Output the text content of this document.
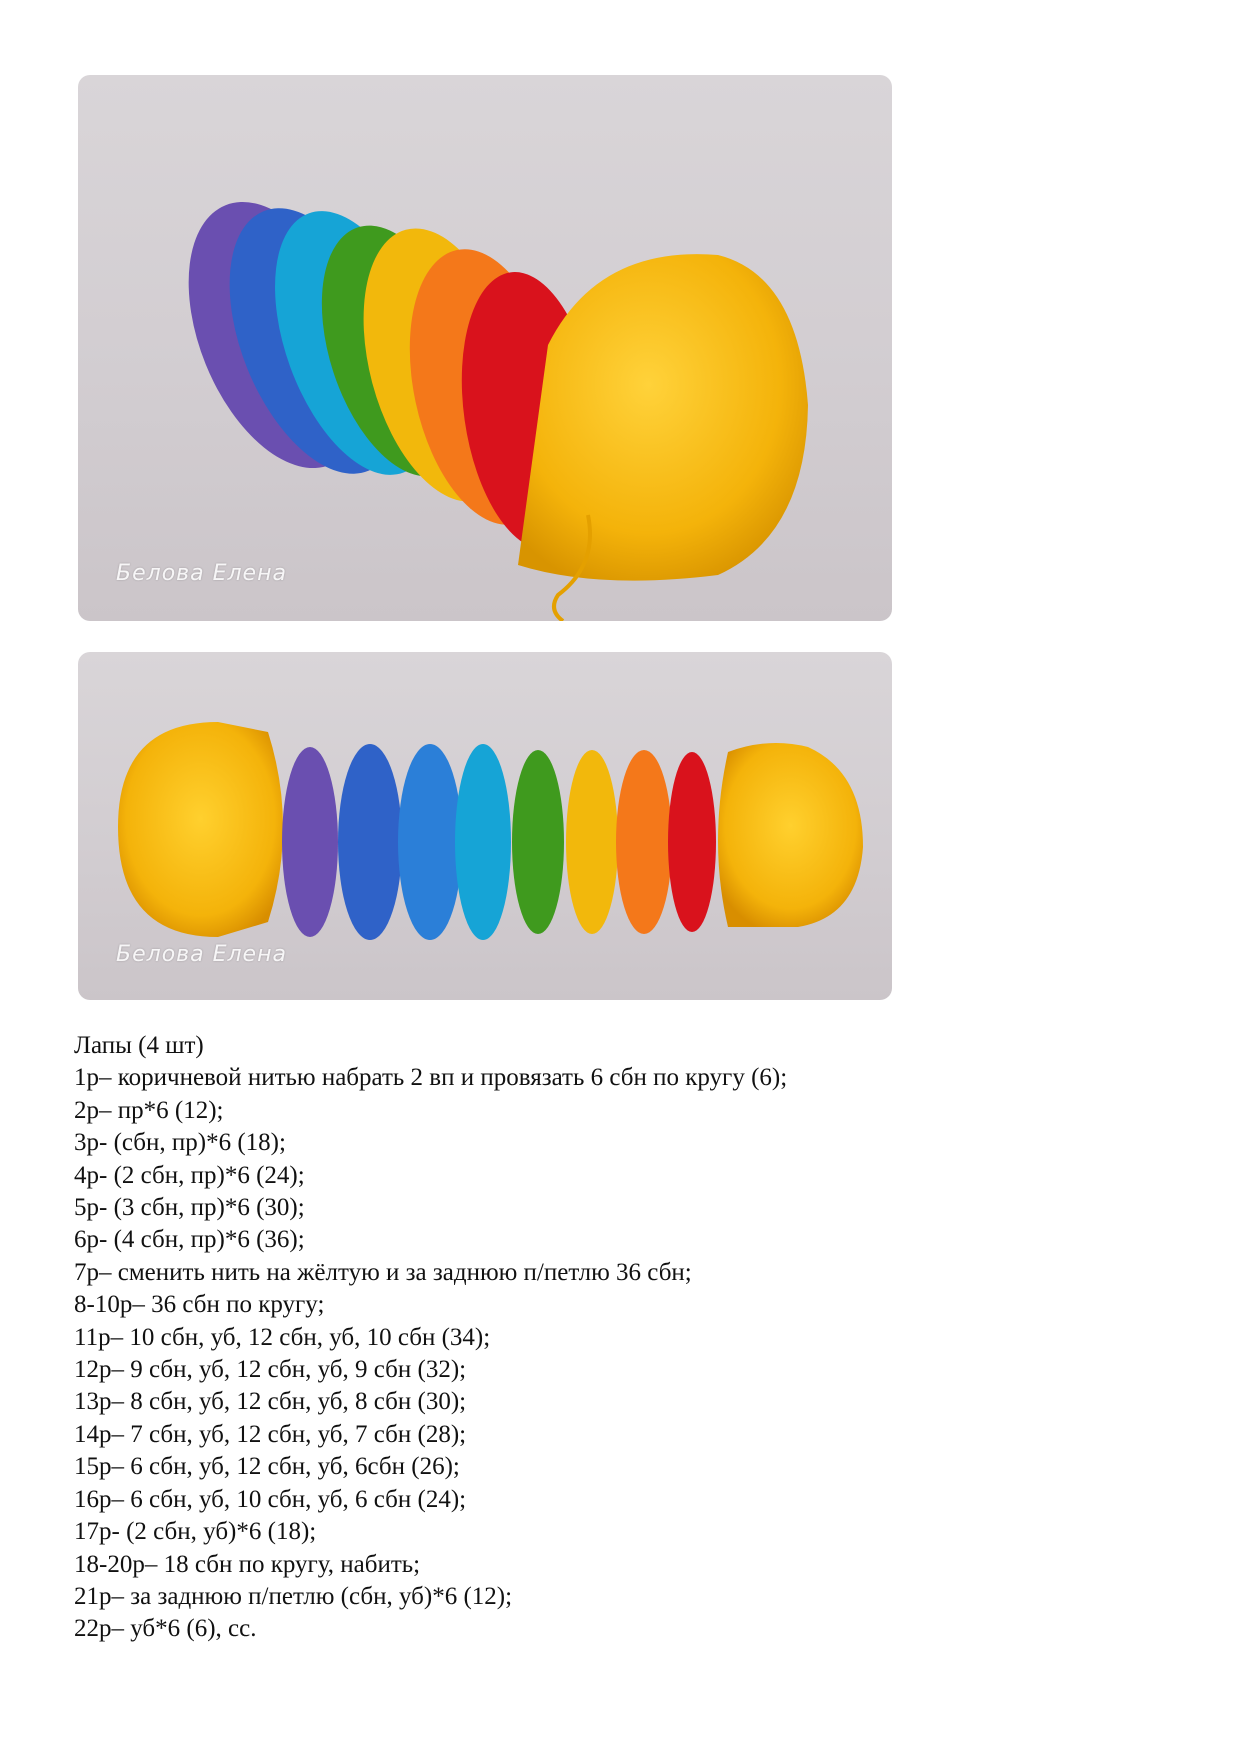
Белова Елена
Белова Елена
Лапы (4 шт)
1р– коричневой нитью набрать 2 вп и провязать 6 сбн по кругу (6);
2р– пр*6 (12);
3р- (сбн, пр)*6 (18);
4р- (2 сбн, пр)*6 (24);
5р- (3 сбн, пр)*6 (30);
6р- (4 сбн, пр)*6 (36);
7р– сменить нить на жёлтую и за заднюю п/петлю 36 сбн;
8-10р– 36 сбн по кругу;
11р– 10 сбн, уб, 12 сбн, уб, 10 сбн (34);
12р– 9 сбн, уб, 12 сбн, уб, 9 сбн (32);
13р– 8 сбн, уб, 12 сбн, уб, 8 сбн (30);
14р– 7 сбн, уб, 12 сбн, уб, 7 сбн (28);
15р– 6 сбн, уб, 12 сбн, уб, 6сбн (26);
16р– 6 сбн, уб, 10 сбн, уб, 6 сбн (24);
17р- (2 сбн, уб)*6 (18);
18-20р– 18 сбн по кругу, набить;
21р– за заднюю п/петлю (сбн, уб)*6 (12);
22р– уб*6 (6), сс.
